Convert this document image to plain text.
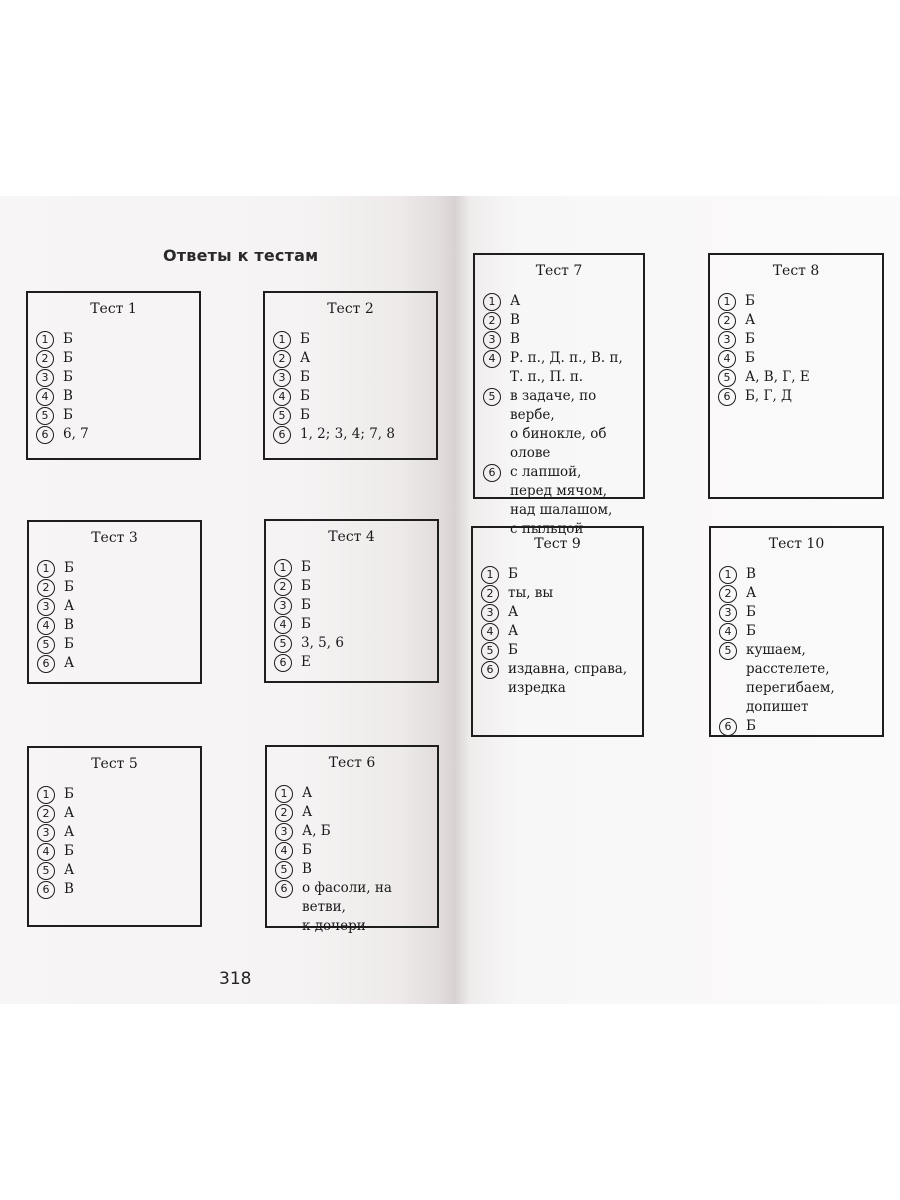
Ответы к тестам
Тест 1
1	Б
2	Б
3	Б
4	В
5	Б
6	6, 7
Тест 2
1	Б
2	А
3	Б
4	Б
5	Б
6	1, 2; 3, 4; 7, 8
Тест 3
1	Б
2	Б
3	А
4	В
5	Б
6	А
Тест 4
1	Б
2	Б
3	Б
4	Б
5	3, 5, 6
6	Е
Тест 5
1	Б
2	А
3	А
4	Б
5	А
6	В
Тест 6
1	А
2	А
3	А, Б
4	Б
5	В
6	о фасоли, на ветви,
к дочери
Тест 7
1	А
2	В
3	В
4	Р. п., Д. п., В. п,
Т. п., П. п.
5	в задаче, по вербе,
о бинокле, об олове
6	с лапшой,
перед мячом,
над шалашом,
с пыльцой
Тест 8
1	Б
2	А
3	Б
4	Б
5	А, В, Г, Е
6	Б, Г, Д
Тест 9
1	Б
2	ты, вы
3	А
4	А
5	Б
6	издавна, справа,
изредка
Тест 10
1	В
2	А
3	Б
4	Б
5	кушаем,
расстелете,
перегибаем,
допишет
6	Б
318
